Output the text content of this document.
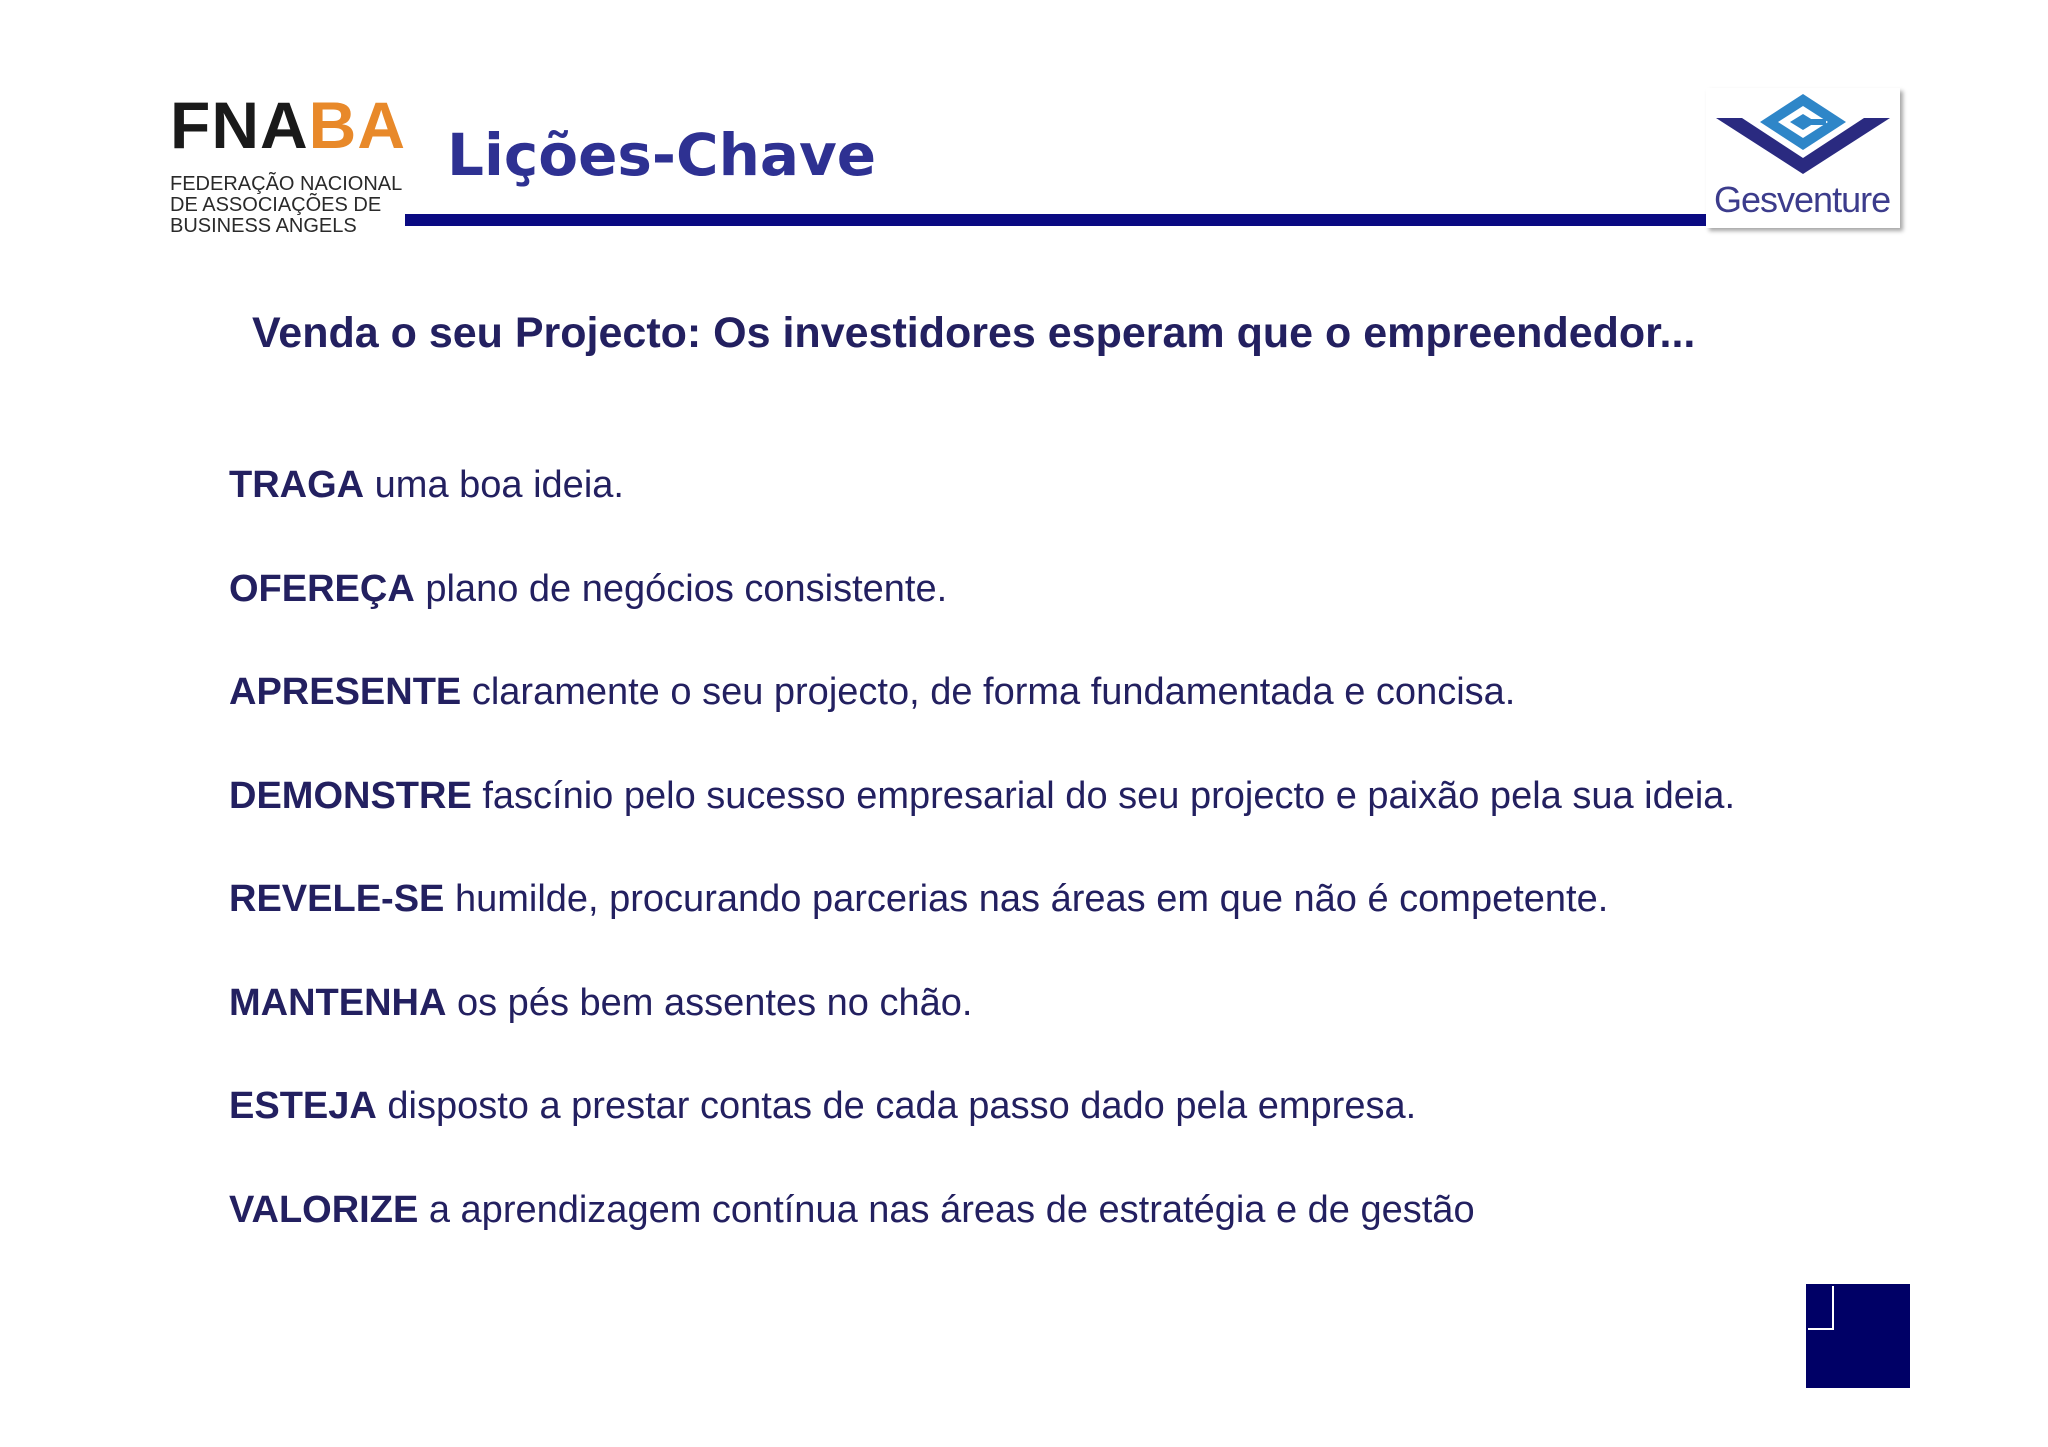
FNABA
FEDERAÇÃO NACIONAL
DE ASSOCIAÇÕES DE
BUSINESS ANGELS
Lições-Chave
Gesventure
Venda o seu Projecto: Os investidores esperam que o empreendedor...
TRAGA uma boa ideia.
OFEREÇA plano de negócios consistente.
APRESENTE claramente o seu projecto, de forma fundamentada e concisa.
DEMONSTRE fascínio pelo sucesso empresarial do seu projecto e paixão pela sua ideia.
REVELE-SE humilde, procurando parcerias nas áreas em que não é competente.
MANTENHA os pés bem assentes no chão.
ESTEJA disposto a prestar contas de cada passo dado pela empresa.
VALORIZE a aprendizagem contínua nas áreas de estratégia e de gestão
